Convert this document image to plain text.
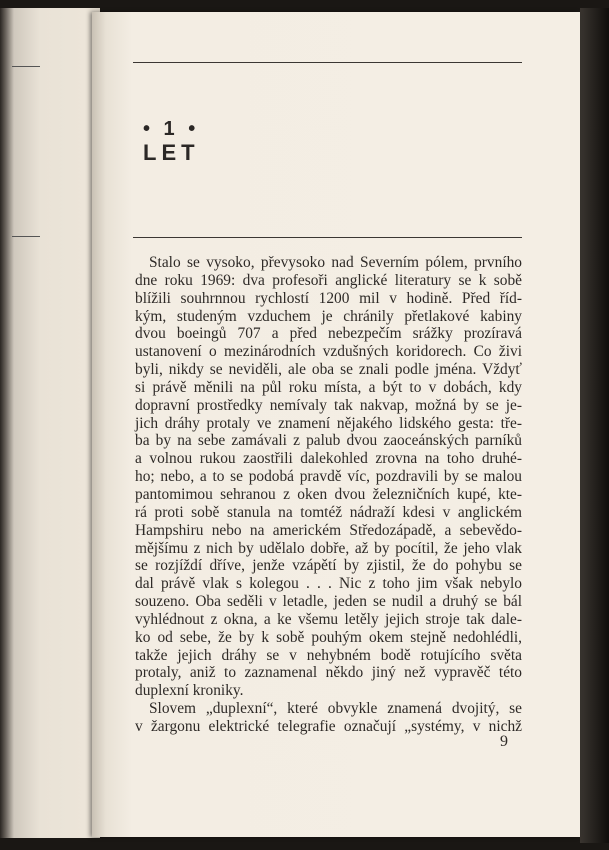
• 1 •
LET
Stalo se vysoko, převysoko nad Severním pólem, prvního
dne roku 1969: dva profesoři anglické literatury se k sobě
blížili souhrnnou rychlostí 1200 mil v hodině. Před říd-
kým, studeným vzduchem je chránily přetlakové kabiny
dvou boeingů 707 a před nebezpečím srážky prozíravá
ustanovení o mezinárodních vzdušných koridorech. Co živi
byli, nikdy se neviděli, ale oba se znali podle jména. Vždyť
si právě měnili na půl roku místa, a být to v dobách, kdy
dopravní prostředky nemívaly tak nakvap, možná by se je-
jich dráhy protaly ve znamení nějakého lidského gesta: tře-
ba by na sebe zamávali z palub dvou zaoceánských parníků
a volnou rukou zaostřili dalekohled zrovna na toho druhé-
ho; nebo, a to se podobá pravdě víc, pozdravili by se malou
pantomimou sehranou z oken dvou železničních kupé, kte-
rá proti sobě stanula na tomtéž nádraží kdesi v anglickém
Hampshiru nebo na americkém Středozápadě, a sebevědo-
mějšímu z nich by udělalo dobře, až by pocítil, že jeho vlak
se rozjíždí dříve, jenže vzápětí by zjistil, že do pohybu se
dal právě vlak s kolegou . . . Nic z toho jim však nebylo
souzeno. Oba seděli v letadle, jeden se nudil a druhý se bál
vyhlédnout z okna, a ke všemu letěly jejich stroje tak dale-
ko od sebe, že by k sobě pouhým okem stejně nedohlédli,
takže jejich dráhy se v nehybném bodě rotujícího světa
protaly, aniž to zaznamenal někdo jiný než vypravěč této
duplexní kroniky.
Slovem „duplexní“, které obvykle znamená dvojitý, se
v žargonu elektrické telegrafie označují „systémy, v nichž
9
